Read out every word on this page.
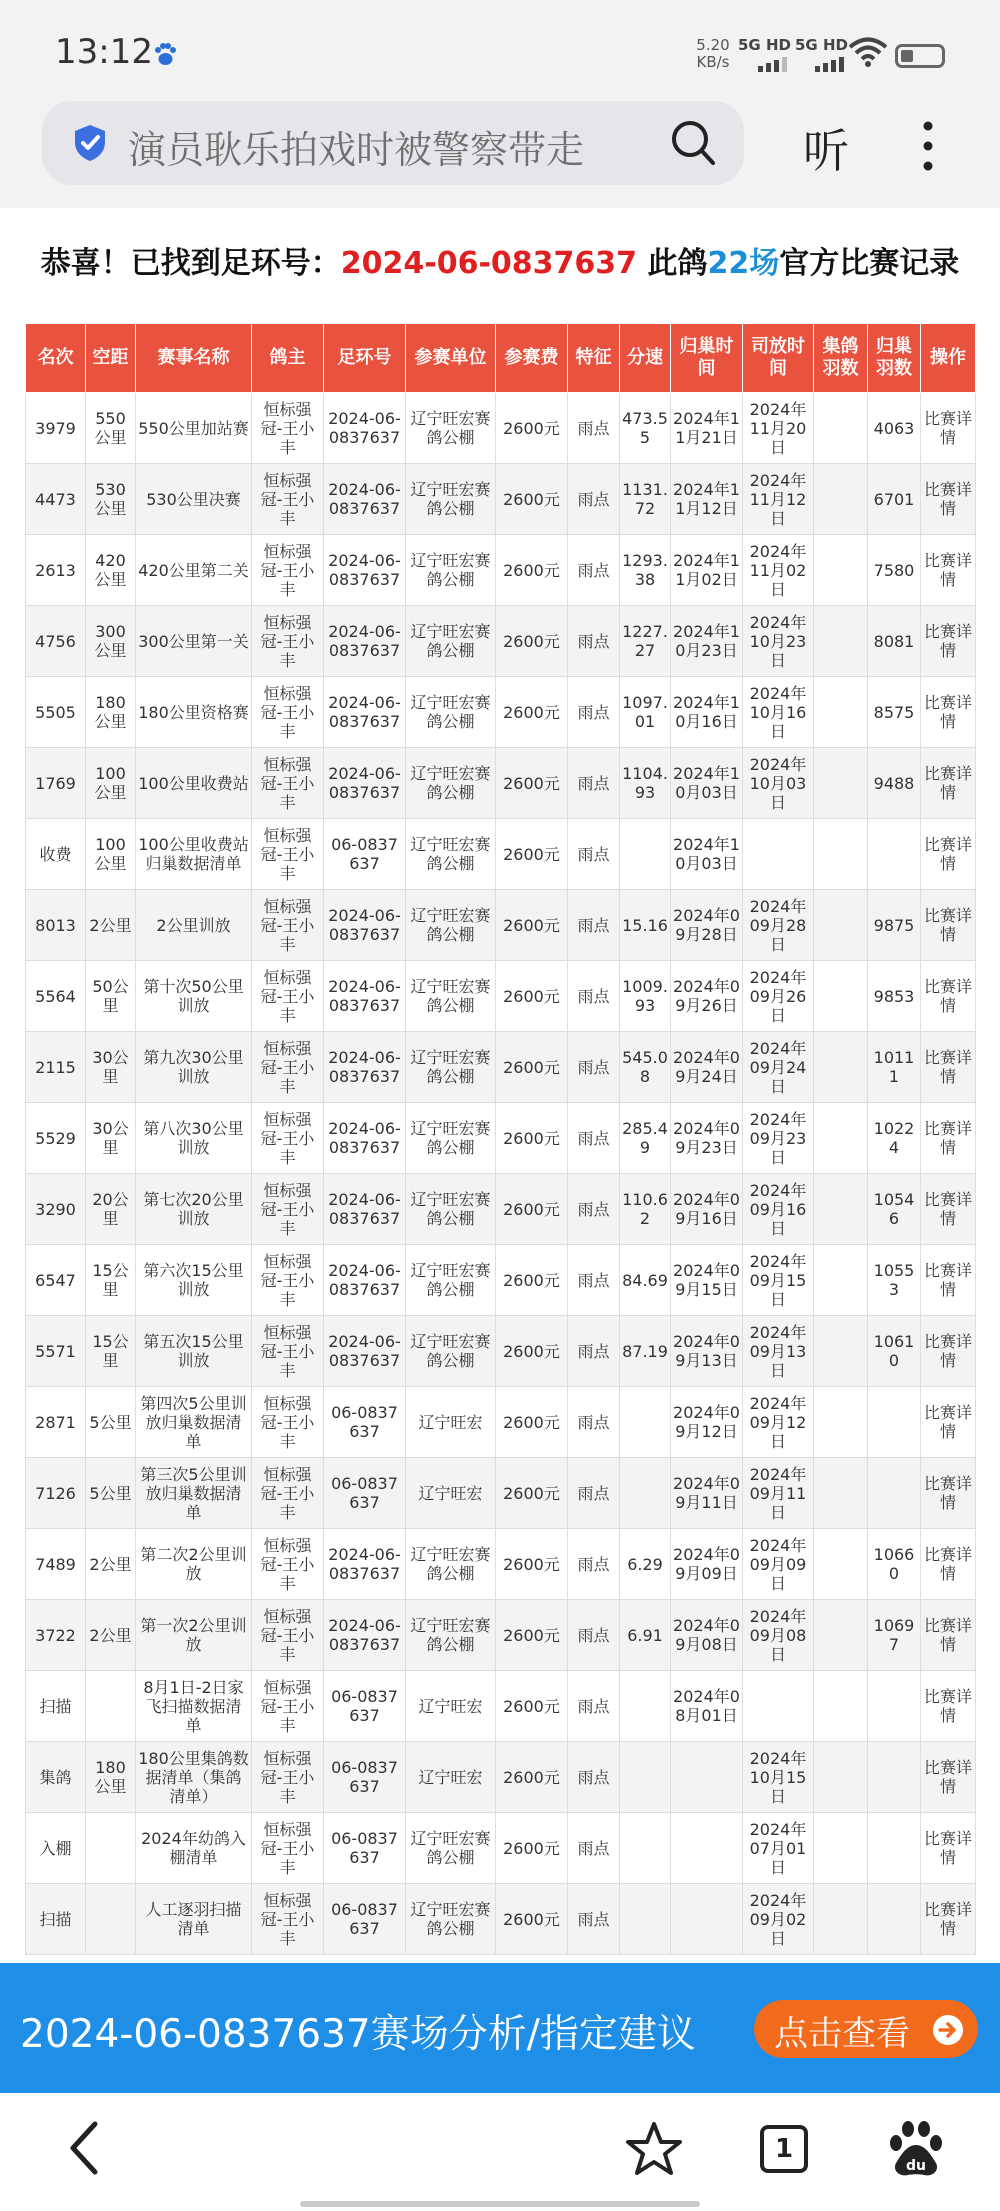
13:12	5.20
KB/s
5G HD 5G HD
演员耿乐拍戏时被警察带走	听
恭喜！已找到足环号：2024-06-0837637 此鸽22场官方比赛记录
名次	空距	赛事名称	鸽主	足环号	参赛单位	参赛费	特征	分速	归巢时间	司放时间	集鸽羽数	归巢羽数	操作
3979	550公里	550公里加站赛	恒标强冠-王小丰	2024-06-0837637	辽宁旺宏赛鸽公棚	2600元	雨点	473.55	2024年11月21日	2024年11月20日		4063	比赛详情
4473	530公里	530公里决赛	恒标强冠-王小丰	2024-06-0837637	辽宁旺宏赛鸽公棚	2600元	雨点	1131.72	2024年11月12日	2024年11月12日		6701	比赛详情
2613	420公里	420公里第二关	恒标强冠-王小丰	2024-06-0837637	辽宁旺宏赛鸽公棚	2600元	雨点	1293.38	2024年11月02日	2024年11月02日		7580	比赛详情
4756	300公里	300公里第一关	恒标强冠-王小丰	2024-06-0837637	辽宁旺宏赛鸽公棚	2600元	雨点	1227.27	2024年10月23日	2024年10月23日		8081	比赛详情
5505	180公里	180公里资格赛	恒标强冠-王小丰	2024-06-0837637	辽宁旺宏赛鸽公棚	2600元	雨点	1097.01	2024年10月16日	2024年10月16日		8575	比赛详情
1769	100公里	100公里收费站	恒标强冠-王小丰	2024-06-0837637	辽宁旺宏赛鸽公棚	2600元	雨点	1104.93	2024年10月03日	2024年10月03日		9488	比赛详情
收费	100公里	100公里收费站归巢数据清单	恒标强冠-王小丰	06-0837637	辽宁旺宏赛鸽公棚	2600元	雨点		2024年10月03日				比赛详情
8013	2公里	2公里训放	恒标强冠-王小丰	2024-06-0837637	辽宁旺宏赛鸽公棚	2600元	雨点	15.16	2024年09月28日	2024年09月28日		9875	比赛详情
5564	50公里	第十次50公里训放	恒标强冠-王小丰	2024-06-0837637	辽宁旺宏赛鸽公棚	2600元	雨点	1009.93	2024年09月26日	2024年09月26日		9853	比赛详情
2115	30公里	第九次30公里训放	恒标强冠-王小丰	2024-06-0837637	辽宁旺宏赛鸽公棚	2600元	雨点	545.08	2024年09月24日	2024年09月24日		10111	比赛详情
5529	30公里	第八次30公里训放	恒标强冠-王小丰	2024-06-0837637	辽宁旺宏赛鸽公棚	2600元	雨点	285.49	2024年09月23日	2024年09月23日		10224	比赛详情
3290	20公里	第七次20公里训放	恒标强冠-王小丰	2024-06-0837637	辽宁旺宏赛鸽公棚	2600元	雨点	110.62	2024年09月16日	2024年09月16日		10546	比赛详情
6547	15公里	第六次15公里训放	恒标强冠-王小丰	2024-06-0837637	辽宁旺宏赛鸽公棚	2600元	雨点	84.69	2024年09月15日	2024年09月15日		10553	比赛详情
5571	15公里	第五次15公里训放	恒标强冠-王小丰	2024-06-0837637	辽宁旺宏赛鸽公棚	2600元	雨点	87.19	2024年09月13日	2024年09月13日		10610	比赛详情
2871	5公里	第四次5公里训放归巢数据清单	恒标强冠-王小丰	06-0837637	辽宁旺宏	2600元	雨点		2024年09月12日	2024年09月12日			比赛详情
7126	5公里	第三次5公里训放归巢数据清单	恒标强冠-王小丰	06-0837637	辽宁旺宏	2600元	雨点		2024年09月11日	2024年09月11日			比赛详情
7489	2公里	第二次2公里训放	恒标强冠-王小丰	2024-06-0837637	辽宁旺宏赛鸽公棚	2600元	雨点	6.29	2024年09月09日	2024年09月09日		10660	比赛详情
3722	2公里	第一次2公里训放	恒标强冠-王小丰	2024-06-0837637	辽宁旺宏赛鸽公棚	2600元	雨点	6.91	2024年09月08日	2024年09月08日		10697	比赛详情
扫描		8月1日-2日家飞扫描数据清单	恒标强冠-王小丰	06-0837637	辽宁旺宏	2600元	雨点		2024年08月01日				比赛详情
集鸽	180公里	180公里集鸽数据清单（集鸽清单）	恒标强冠-王小丰	06-0837637	辽宁旺宏	2600元	雨点			2024年10月15日			比赛详情
入棚		2024年幼鸽入棚清单	恒标强冠-王小丰	06-0837637	辽宁旺宏赛鸽公棚	2600元	雨点			2024年07月01日			比赛详情
扫描		人工逐羽扫描清单	恒标强冠-王小丰	06-0837637	辽宁旺宏赛鸽公棚	2600元	雨点			2024年09月02日			比赛详情
2024-06-0837637赛场分析/指定建议	点击查看
1
du
